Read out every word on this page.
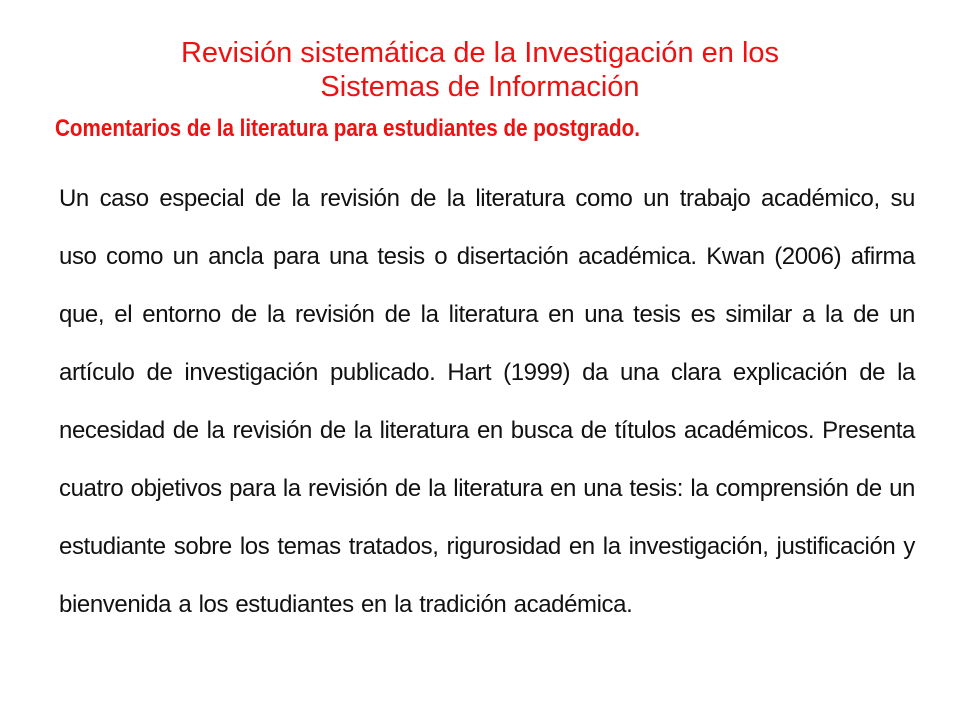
Revisión sistemática de la Investigación en los
Sistemas de Información
Comentarios de la literatura para estudiantes de postgrado.

Un caso especial de la revisión de la literatura como un trabajo académico, su uso como un ancla para una tesis o disertación académica. Kwan (2006) afirma que, el entorno de la revisión de la literatura en una tesis es similar a la de un artículo de investigación publicado. Hart (1999) da una clara explicación de la necesidad de la revisión de la literatura en busca de títulos académicos. Presenta cuatro objetivos para la revisión de la literatura en una tesis: la comprensión de un estudiante sobre los temas tratados, rigurosidad en la investigación, justificación y bienvenida a los estudiantes en la tradición académica.
